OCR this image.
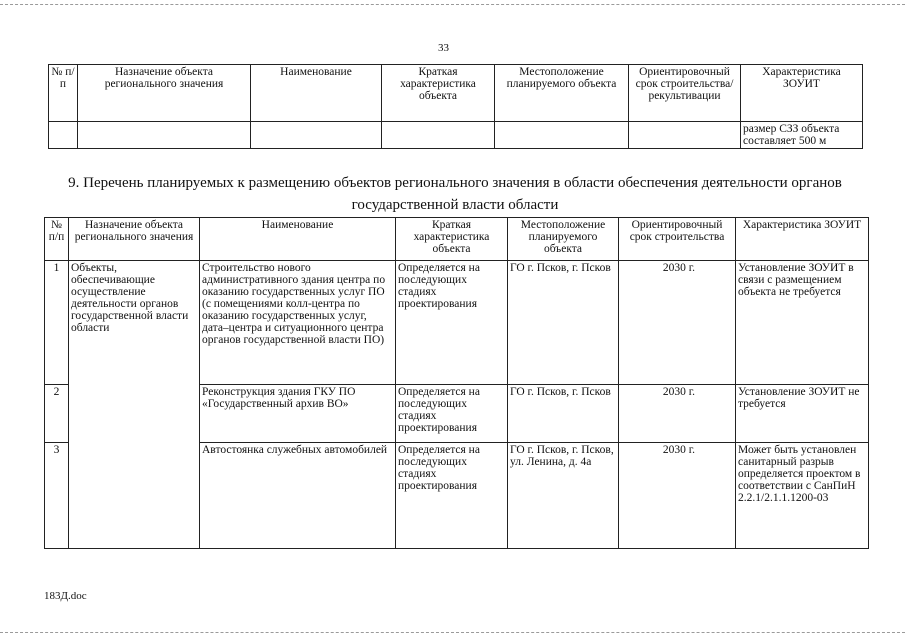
33
№ п/п	Назначение объекта регионального значения	Наименование	Краткая характеристика объекта	Местоположение планируемого объекта	Ориентировочный срок строительства/ рекультивации	Характеристика ЗОУИТ
						размер СЗЗ объекта составляет 500 м
9. Перечень планируемых к размещению объектов регионального значения в области обеспечения деятельности органов государственной власти области
№ п/п	Назначение объекта регионального значения	Наименование	Краткая характеристика объекта	Местоположение планируемого объекта	Ориентировочный срок строительства	Характеристика ЗОУИТ
1	Объекты, обеспечивающие осуществление деятельности органов государственной власти области	Строительство нового административного здания центра по оказанию государственных услуг ПО (с помещениями колл-центра по оказанию государственных услуг, дата–центра и ситуационного центра органов государственной власти ПО)	Определяется на последующих стадиях проектирования	ГО г. Псков, г. Псков	2030 г.	Установление ЗОУИТ в связи с размещением объекта не требуется
2		Реконструкция здания ГКУ ПО «Государственный архив ВО»	Определяется на последующих стадиях проектирования	ГО г. Псков, г. Псков	2030 г.	Установление ЗОУИТ не требуется
3		Автостоянка служебных автомобилей	Определяется на последующих стадиях проектирования	ГО г. Псков, г. Псков, ул. Ленина, д. 4а	2030 г.	Может быть установлен санитарный разрыв определяется проектом в соответствии с СанПиН 2.2.1/2.1.1.1200-03
183Д.doc
